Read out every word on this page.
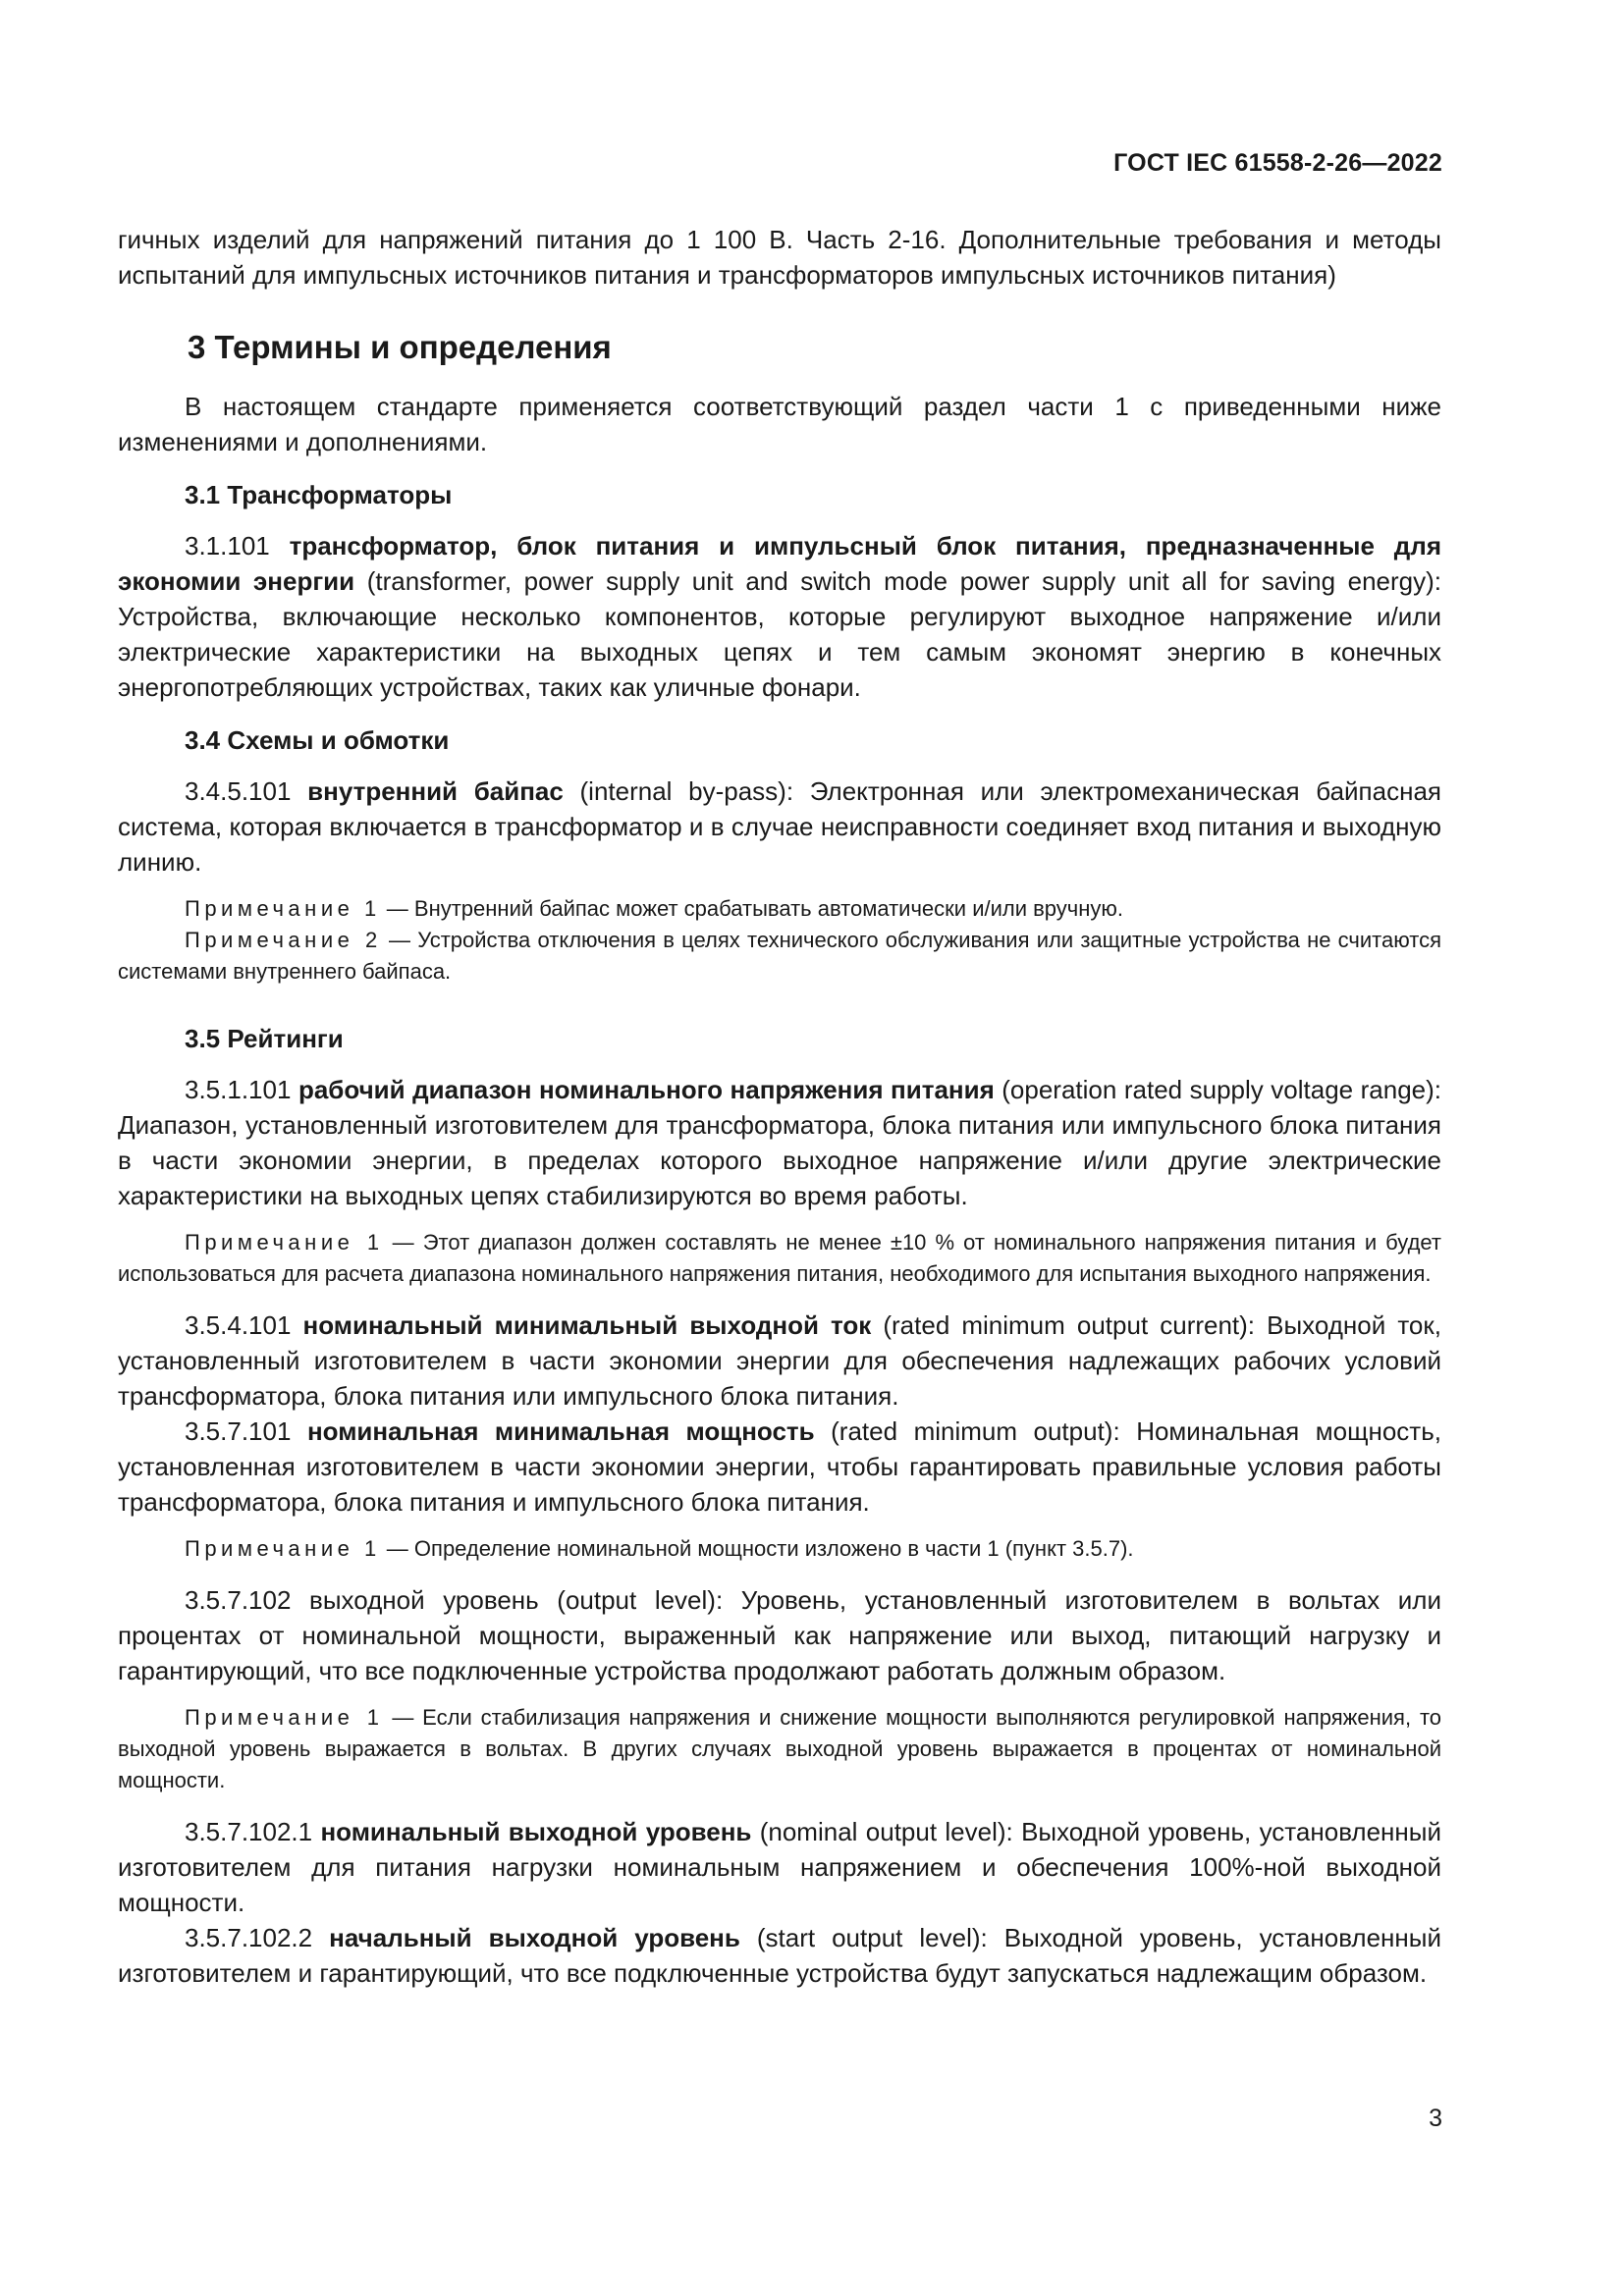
ГОСТ IEC 61558-2-26—2022

гичных изделий для напряжений питания до 1 100 В. Часть 2-16. Дополнительные требования и методы испытаний для импульсных источников питания и трансформаторов импульсных источников питания)

3 Термины и определения

В настоящем стандарте применяется соответствующий раздел части 1 с приведенными ниже изменениями и дополнениями.

3.1 Трансформаторы

3.1.101 трансформатор, блок питания и импульсный блок питания, предназначенные для экономии энергии (transformer, power supply unit and switch mode power supply unit all for saving energy): Устройства, включающие несколько компонентов, которые регулируют выходное напряжение и/или электрические характеристики на выходных цепях и тем самым экономят энергию в конечных энергопотребляющих устройствах, таких как уличные фонари.

3.4 Схемы и обмотки

3.4.5.101 внутренний байпас (internal by-pass): Электронная или электромеханическая байпасная система, которая включается в трансформатор и в случае неисправности соединяет вход питания и выходную линию.

Примечание 1 — Внутренний байпас может срабатывать автоматически и/или вручную.

Примечание 2 — Устройства отключения в целях технического обслуживания или защитные устройства не считаются системами внутреннего байпаса.

3.5 Рейтинги

3.5.1.101 рабочий диапазон номинального напряжения питания (operation rated supply voltage range): Диапазон, установленный изготовителем для трансформатора, блока питания или импульсного блока питания в части экономии энергии, в пределах которого выходное напряжение и/или другие электрические характеристики на выходных цепях стабилизируются во время работы.

Примечание 1 — Этот диапазон должен составлять не менее ±10 % от номинального напряжения питания и будет использоваться для расчета диапазона номинального напряжения питания, необходимого для испытания выходного напряжения.

3.5.4.101 номинальный минимальный выходной ток (rated minimum output current): Выходной ток, установленный изготовителем в части экономии энергии для обеспечения надлежащих рабочих условий трансформатора, блока питания или импульсного блока питания.

3.5.7.101 номинальная минимальная мощность (rated minimum output): Номинальная мощность, установленная изготовителем в части экономии энергии, чтобы гарантировать правильные условия работы трансформатора, блока питания и импульсного блока питания.

Примечание 1 — Определение номинальной мощности изложено в части 1 (пункт 3.5.7).

3.5.7.102 выходной уровень (output level): Уровень, установленный изготовителем в вольтах или процентах от номинальной мощности, выраженный как напряжение или выход, питающий нагрузку и гарантирующий, что все подключенные устройства продолжают работать должным образом.

Примечание 1 — Если стабилизация напряжения и снижение мощности выполняются регулировкой напряжения, то выходной уровень выражается в вольтах. В других случаях выходной уровень выражается в процентах от номинальной мощности.

3.5.7.102.1 номинальный выходной уровень (nominal output level): Выходной уровень, установленный изготовителем для питания нагрузки номинальным напряжением и обеспечения 100%-ной выходной мощности.

3.5.7.102.2 начальный выходной уровень (start output level): Выходной уровень, установленный изготовителем и гарантирующий, что все подключенные устройства будут запускаться надлежащим образом.

3
